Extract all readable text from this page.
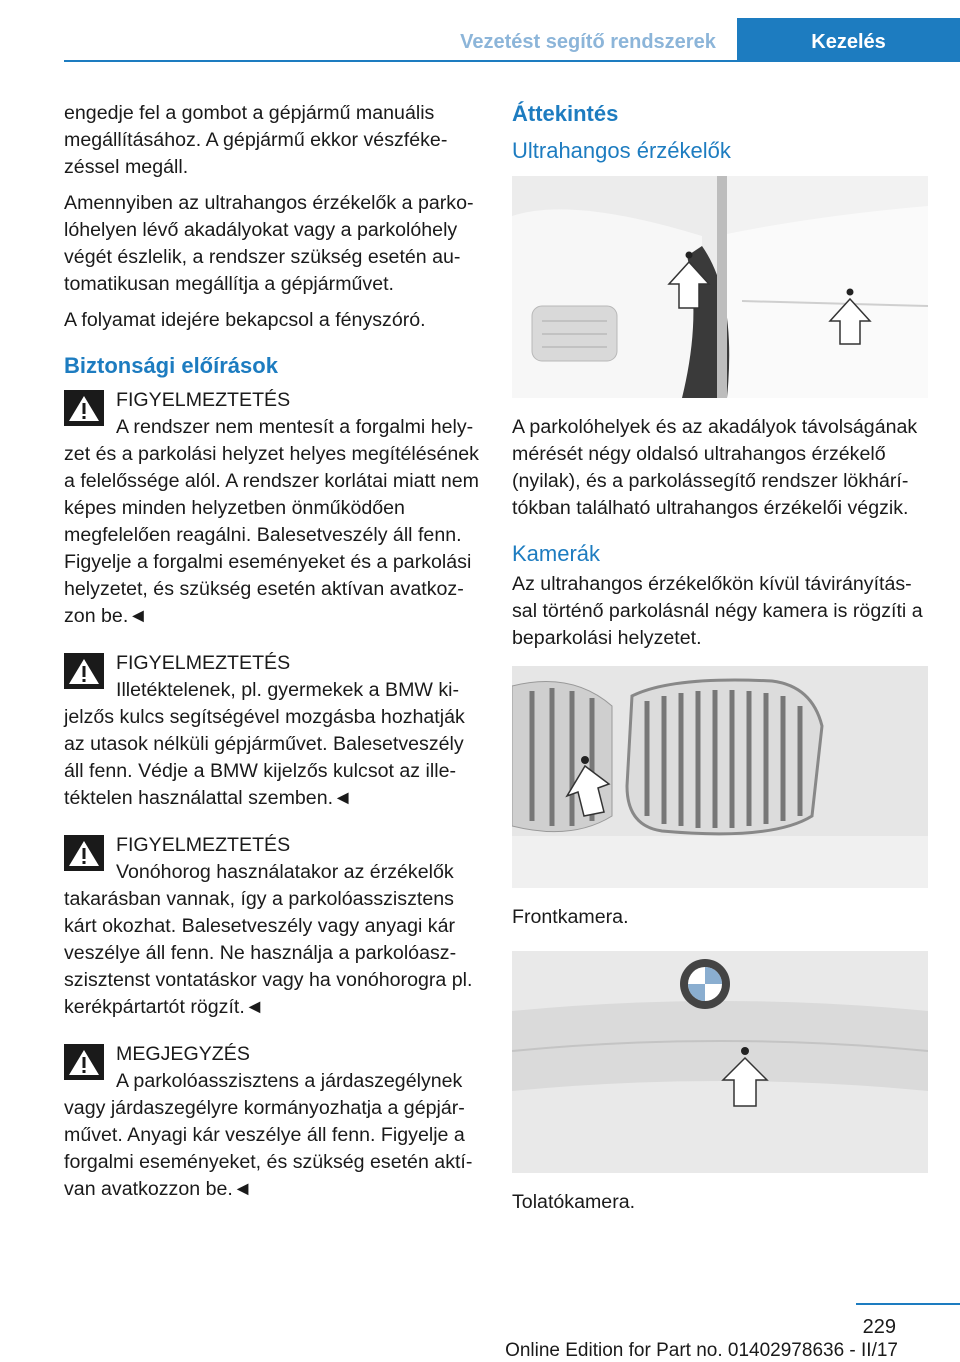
Vezetést segítő rendszerek	Kezelés

engedje fel a gombot a gépjármű manuális megállításához. A gépjármű ekkor vészfékezéssel megáll.

Amennyiben az ultrahangos érzékelők a parkolóhelyen lévő akadályokat vagy a parkolóhely végét észlelik, a rendszer szükség esetén automatikusan megállítja a gépjárművet.

A folyamat idejére bekapcsol a fényszóró.

Biztonsági előírások
FIGYELMEZTETÉS
A rendszer nem mentesít a forgalmi helyzet és a parkolási helyzet helyes megítélésének a felelőssége alól. A rendszer korlátai miatt nem képes minden helyzetben önműködően megfelelően reagálni. Balesetveszély áll fenn. Figyelje a forgalmi eseményeket és a parkolási helyzetet, és szükség esetén aktívan avatkozzon be.◄
FIGYELMEZTETÉS
Illetéktelenek, pl. gyermekek a BMW kijelzős kulcs segítségével mozgásba hozhatják az utasok nélküli gépjárművet. Balesetveszély áll fenn. Védje a BMW kijelzős kulcsot az illetéktelen használattal szemben.◄
FIGYELMEZTETÉS
Vonóhorog használatakor az érzékelők takarásban vannak, így a parkolóasszisztens kárt okozhat. Balesetveszély vagy anyagi kár veszélye áll fenn. Ne használja a parkolóaszszisztenst vontatáskor vagy ha vonóhorogra pl. kerékpártartót rögzít.◄
MEGJEGYZÉS
A parkolóasszisztens a járdaszegélynek vagy járdaszegélyre kormányozhatja a gépjárművet. Anyagi kár veszélye áll fenn. Figyelje a forgalmi eseményeket, és szükség esetén aktívan avatkozzon be.◄
Áttekintés
Ultrahangos érzékelők

A parkolóhelyek és az akadályok távolságának mérését négy oldalsó ultrahangos érzékelő (nyilak), és a parkolássegítő rendszer lökhárítókban található ultrahangos érzékelői végzik.

Kamerák

Az ultrahangos érzékelőkön kívül távirányítással történő parkolásnál négy kamera is rögzíti a beparkolási helyzetet.

Frontkamera.

Tolatókamera.

229
Online Edition for Part no. 01402978636 - II/17
